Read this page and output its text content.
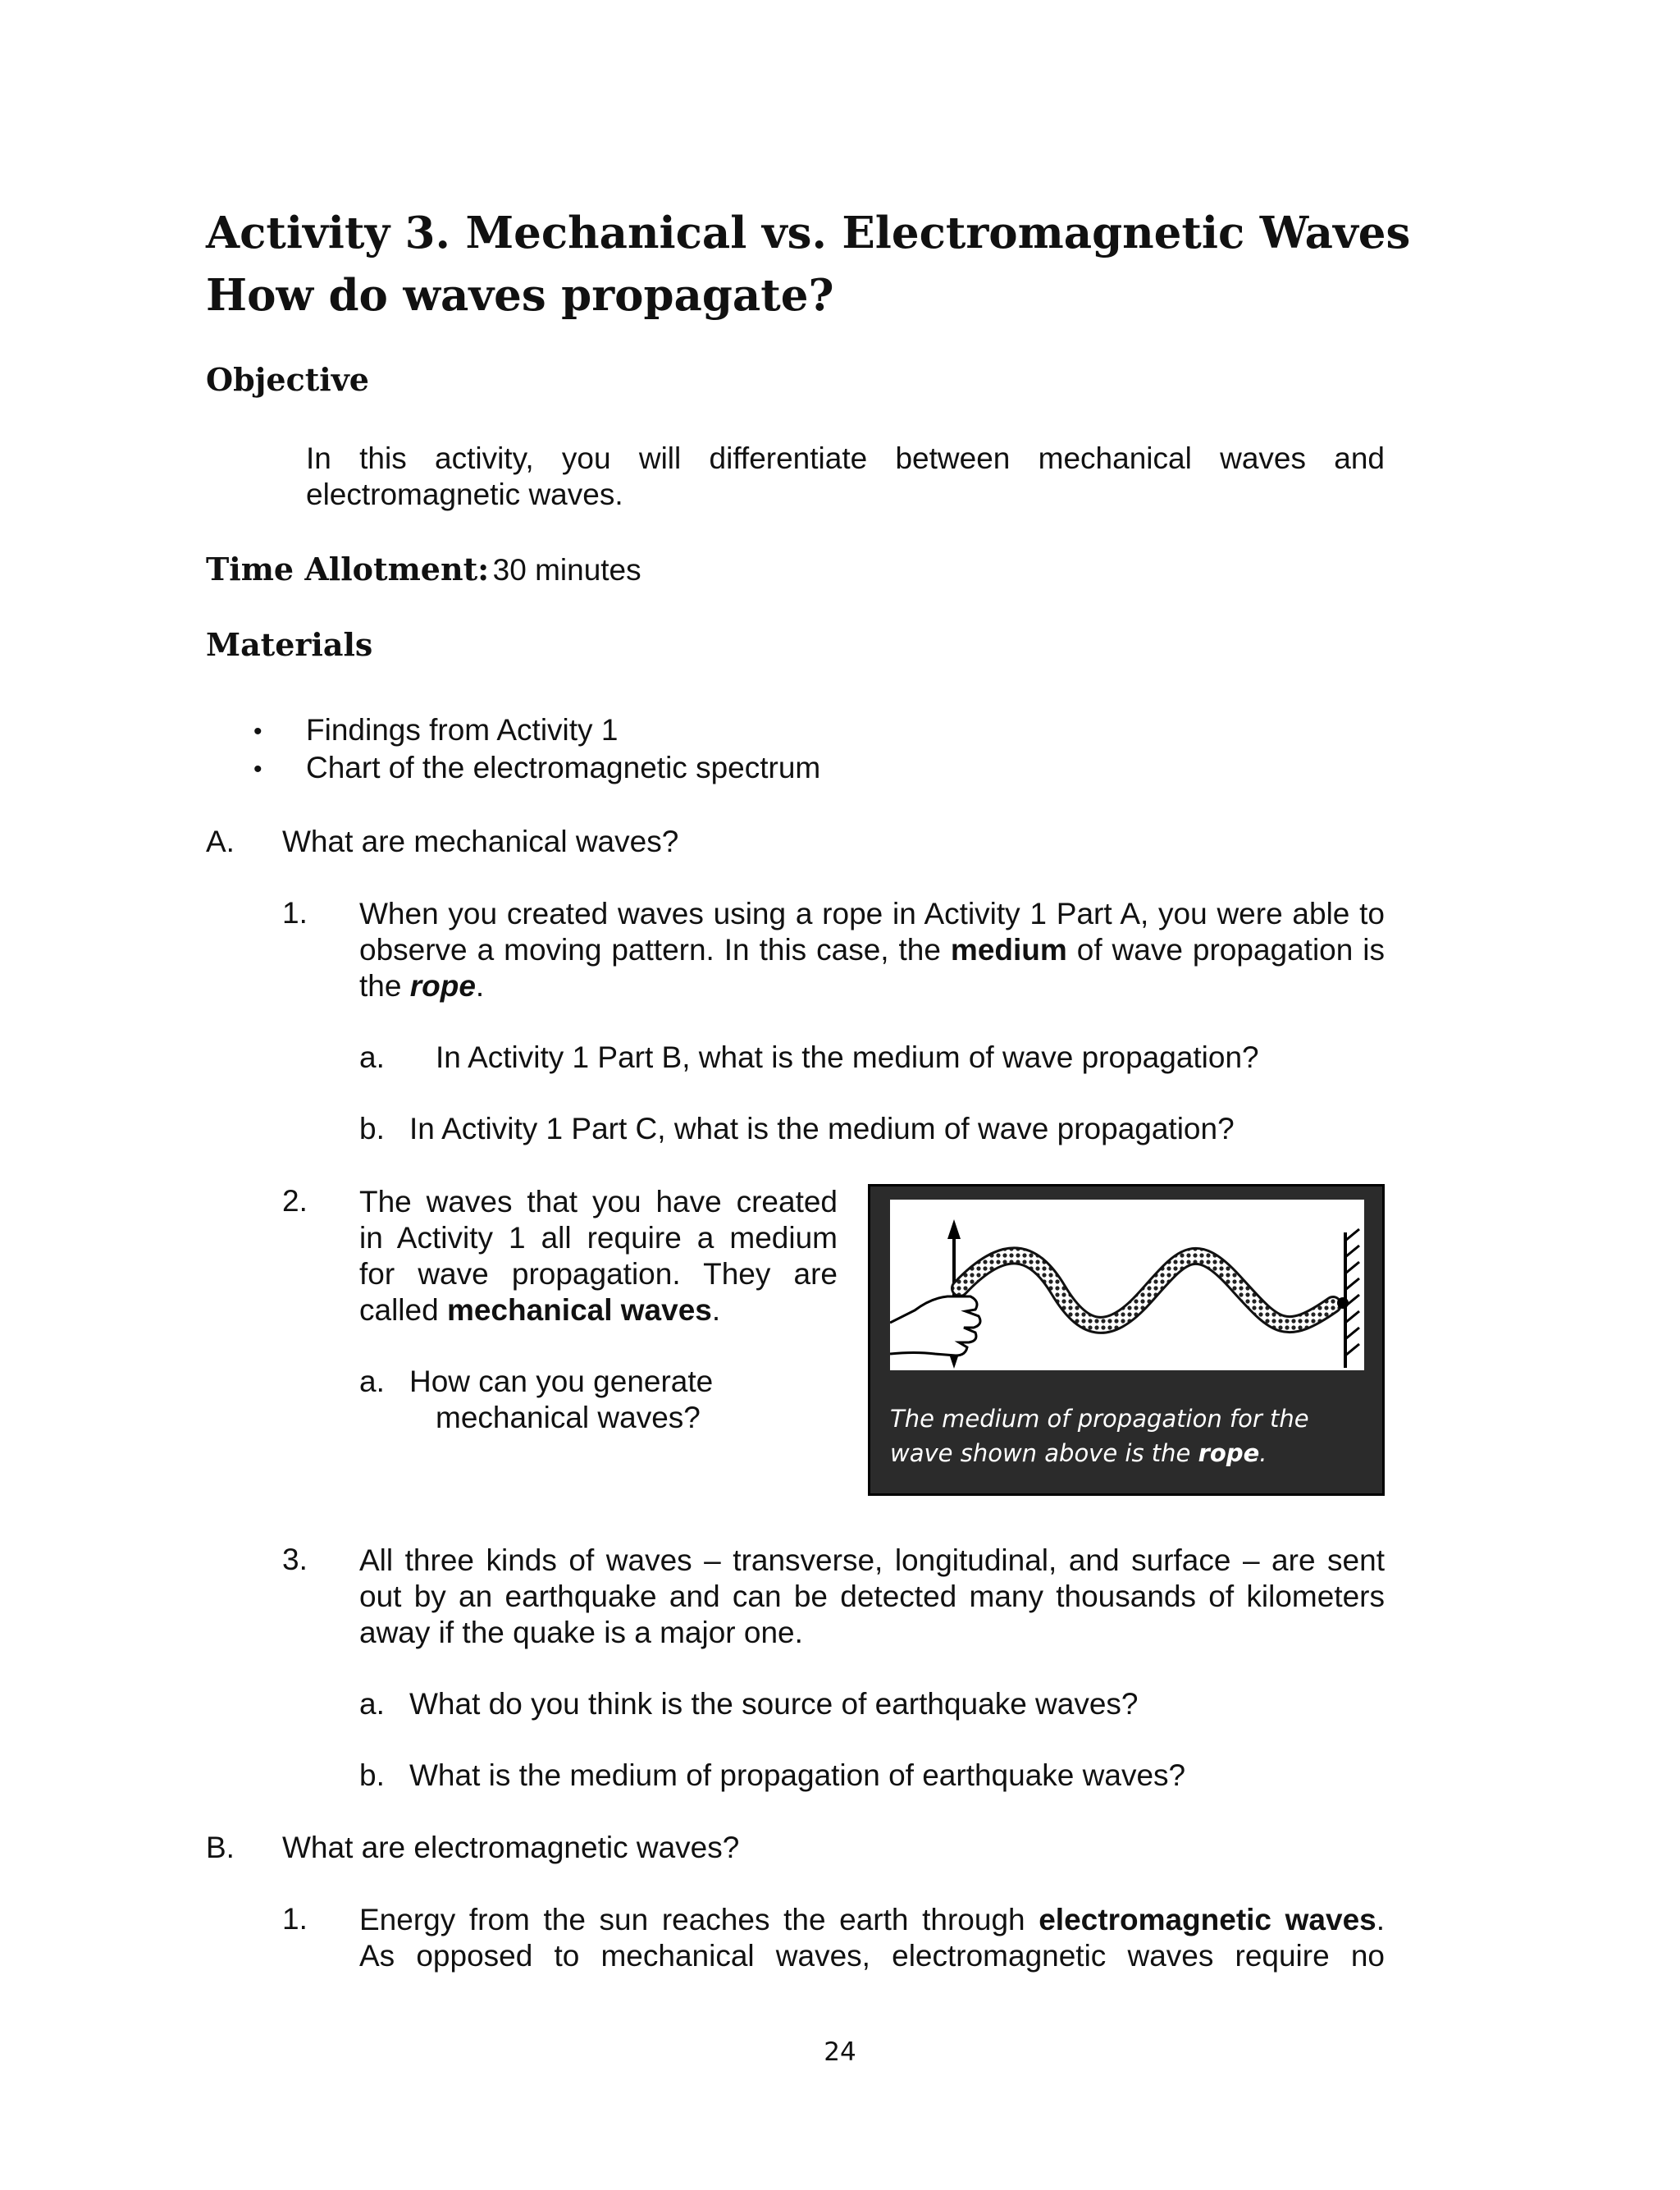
Activity 3. Mechanical vs. Electromagnetic Waves
How do waves propagate?
Objective

In this activity, you will differentiate between mechanical waves and electromagnetic waves.

Time Allotment: 30 minutes
Materials
• Findings from Activity 1
• Chart of the electromagnetic spectrum
A. What are mechanical waves?
1. When you created waves using a rope in Activity 1 Part A, you were able to observe a moving pattern. In this case, the medium of wave propagation is the rope.

a. In Activity 1 Part B, what is the medium of wave propagation?
b. In Activity 1 Part C, what is the medium of wave propagation?
2. The waves that you have created in Activity 1 all require a medium for wave propagation. They are called mechanical waves.

a. How can you generate
mechanical waves?	The medium of propagation for the wave shown above is the rope.
3. All three kinds of waves – transverse, longitudinal, and surface – are sent out by an earthquake and can be detected many thousands of kilometers away if the quake is a major one.

a. What do you think is the source of earthquake waves?
b. What is the medium of propagation of earthquake waves?
B. What are electromagnetic waves?
1. Energy from the sun reaches the earth through electromagnetic waves.
As opposed to mechanical waves, electromagnetic waves require no
24
